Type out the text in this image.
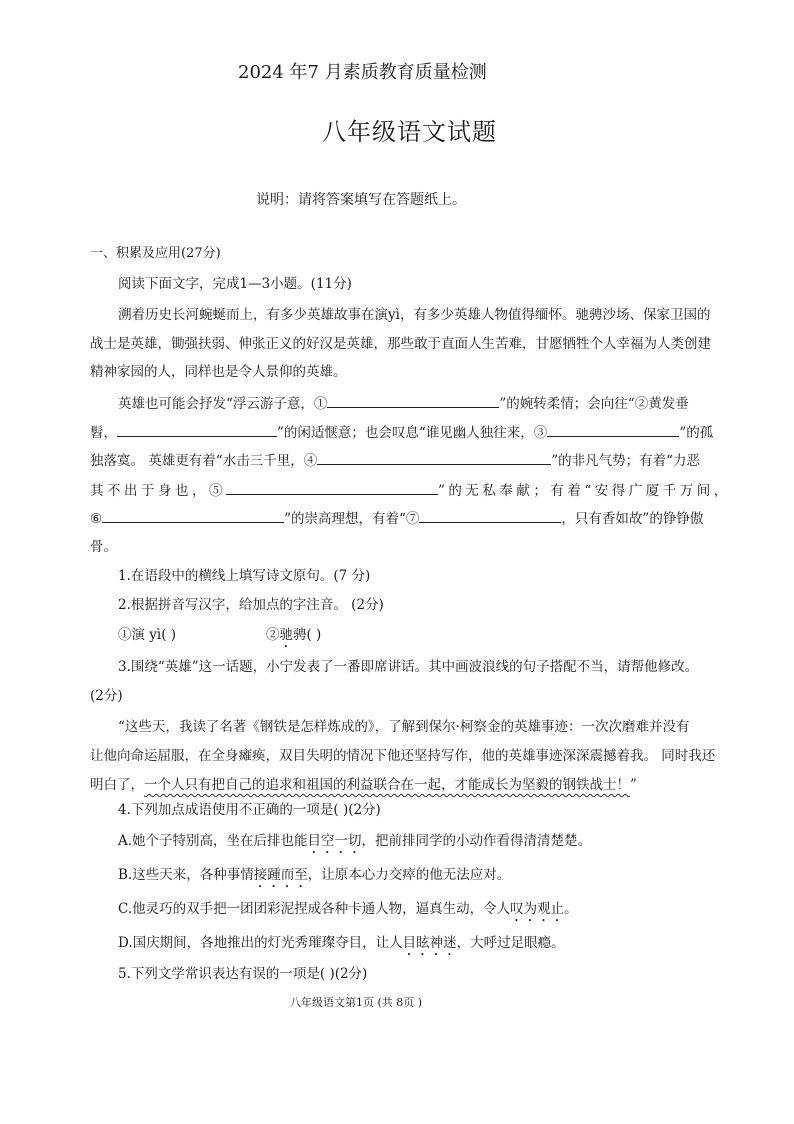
2024 年7 月素质教育质量检测
八年级语文试题
说明：请将答案填写在答题纸上。
一、积累及应用(27分)
阅读下面文字，完成1—3小题。(11分)
溯着历史长河蜿蜒而上，有多少英雄故事在演yì，有多少英雄人物值得缅怀。驰骋沙场、保家卫国的
战士是英雄，锄强扶弱、伸张正义的好汉是英雄，那些敢于直面人生苦难，甘愿牺牲个人幸福为人类创建
精神家园的人，同样也是令人景仰的英雄。
英雄也可能会抒发“浮云游子意，①	”的婉转柔情；会向往“②黄发垂
髫，	”的闲适惬意；也会叹息“谁见幽人独往来，③	”的孤
独落寞。 英雄更有着“水击三千里，④	”的非凡气势；有着“力恶
其不出于身也，⑤	”的无私奉献；有着“安得广厦千万间，
⑥	”的崇高理想，有着“⑦	，只有香如故”的铮铮傲
骨。
1.在语段中的横线上填写诗文原句。(7 分)
2.根据拼音写汉字，给加点的字注音。 (2分)
①演 yì( )	②驰骋( )
3.围绕“英雄”这一话题，小宁发表了一番即席讲话。其中画波浪线的句子搭配不当，请帮他修改。
(2分)
“这些天，我读了名著《钢铁是怎样炼成的》，了解到保尔·柯察金的英雄事迹：一次次磨难并没有
让他向命运屈服，在全身瘫痪，双目失明的情况下他还坚持写作，他的英雄事迹深深震撼着我。 同时我还
明白了，一个人只有把自己的追求和祖国的利益联合在一起，才能成长为坚毅的钢铁战士！”
4.下列加点成语使用不正确的一项是( )(2分)
A.她个子特别高，坐在后排也能目空一切，把前排同学的小动作看得清清楚楚。
B.这些天来，各种事情接踵而至，让原本心力交瘁的他无法应对。
C.他灵巧的双手把一团团彩泥捏成各种卡通人物，逼真生动，令人叹为观止。
D.国庆期间，各地推出的灯光秀璀璨夺目，让人目眩神迷，大呼过足眼瘾。
5.下列文学常识表达有误的一项是( )(2分)
八年级语文第1页 (共 8页 )
